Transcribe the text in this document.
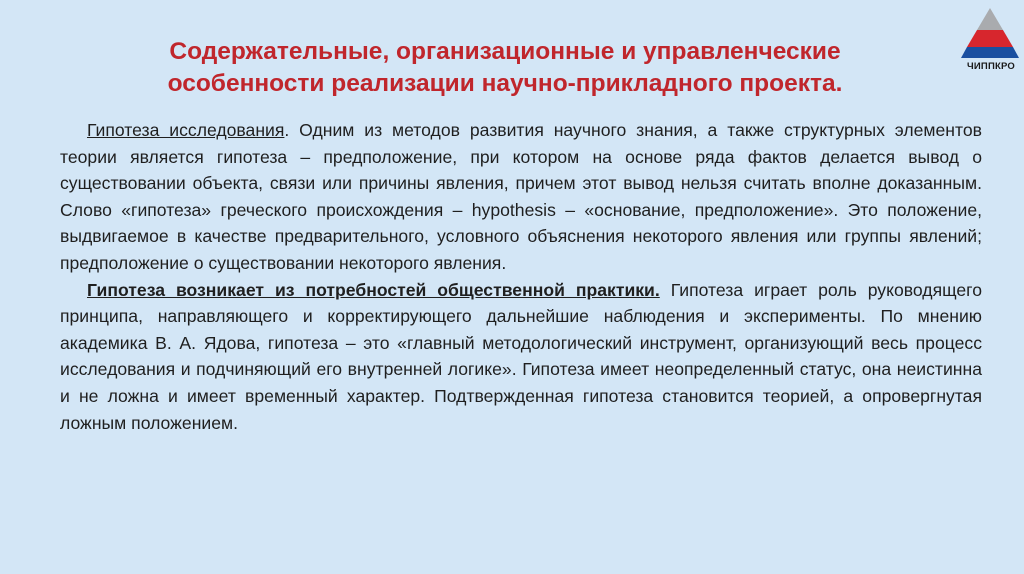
Содержательные, организационные и управленческие
особенности реализации научно-прикладного проекта.
ЧИППКРО

Гипотеза исследования. Одним из методов развития научного знания, а также структурных элементов теории является гипотеза – предположение, при котором на основе ряда фактов делается вывод о существовании объекта, связи или причины явления, причем этот вывод нельзя считать вполне доказанным. Слово «гипотеза» греческого происхождения – hypothesis – «основание, предположение». Это положение, выдвигаемое в качестве предварительного, условного объяснения некоторого явления или группы явлений; предположение о существовании некоторого явления.

Гипотеза возникает из потребностей общественной практики. Гипотеза играет роль руководящего принципа, направляющего и корректирующего дальнейшие наблюдения и эксперименты. По мнению академика В. А. Ядова, гипотеза – это «главный методологический инструмент, организующий весь процесс исследования и подчиняющий его внутренней логике». Гипотеза имеет неопределенный статус, она неистинна и не ложна и имеет временный характер. Подтвержденная гипотеза становится теорией, а опровергнутая ложным положением.
